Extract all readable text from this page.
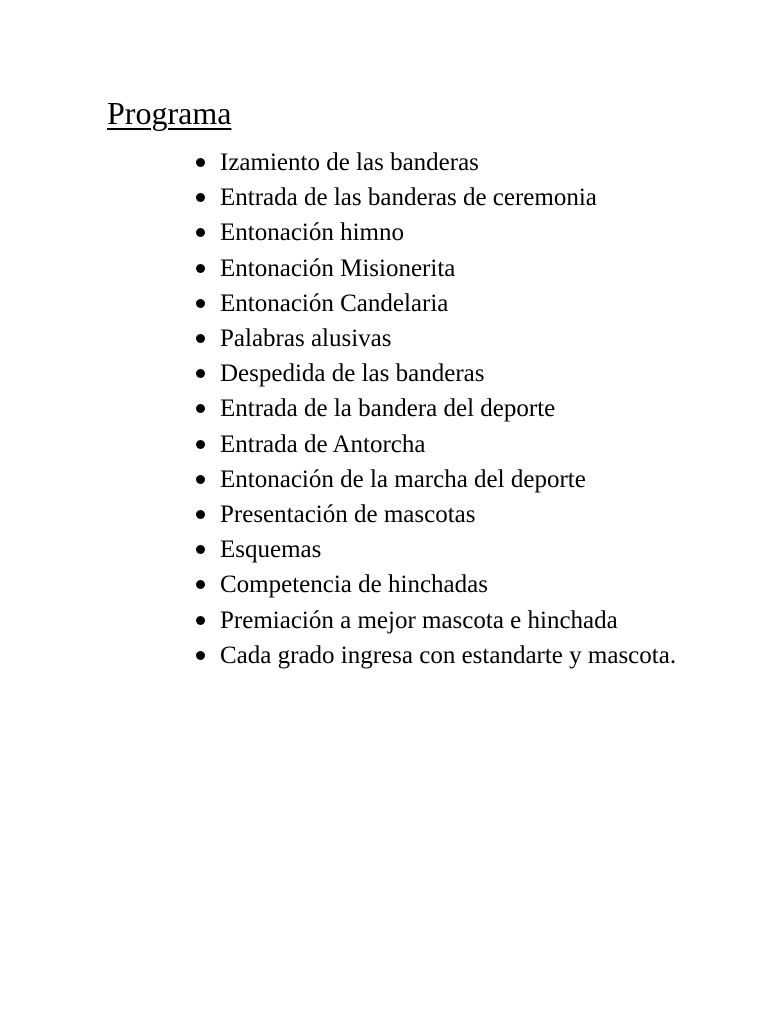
Programa
Izamiento de las banderas
Entrada de las banderas de ceremonia
Entonación himno
Entonación Misionerita
Entonación Candelaria
Palabras alusivas
Despedida de las banderas
Entrada de la bandera del deporte
Entrada de Antorcha
Entonación de la marcha del deporte
Presentación de mascotas
Esquemas
Competencia de hinchadas
Premiación a mejor mascota e hinchada
Cada grado ingresa con estandarte y mascota.
